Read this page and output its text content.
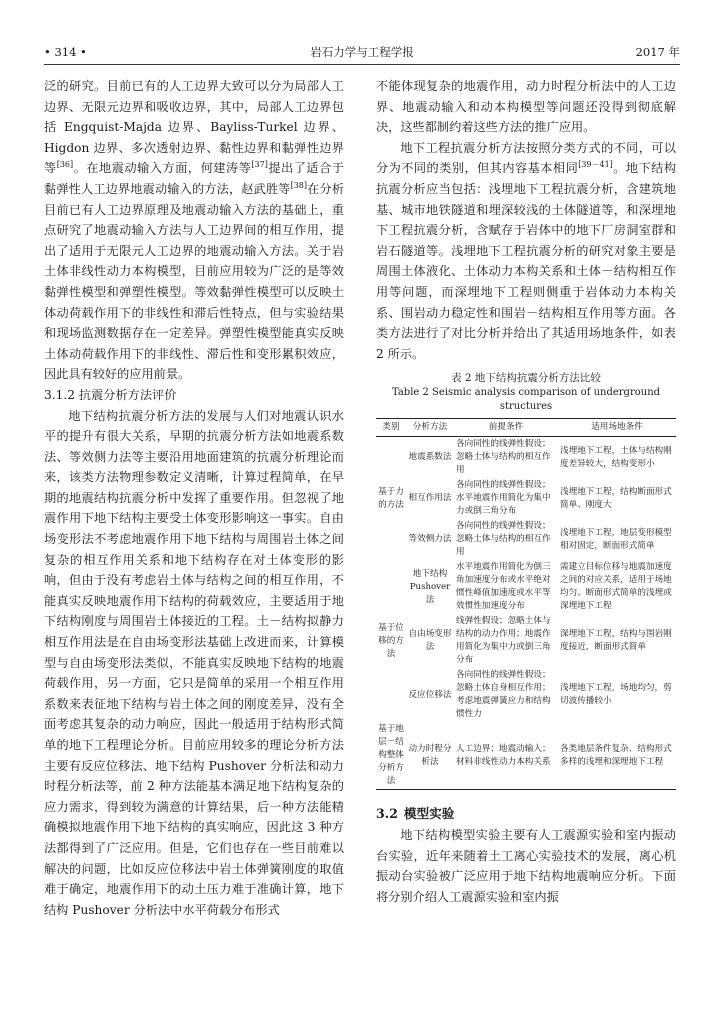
• 314 •	岩石力学与工程学报	2017 年

泛的研究。目前已有的人工边界大致可以分为局部人工边界、无限元边界和吸收边界，其中，局部人工边界包括 Engquist-Majda 边界、Bayliss-Turkel 边界、Higdon 边界、多次透射边界、黏性边界和黏弹性边界等[36]。在地震动输入方面，何建涛等[37]提出了适合于黏弹性人工边界地震动输入的方法，赵武胜等[38]在分析目前已有人工边界原理及地震动输入方法的基础上，重点研究了地震动输入方法与人工边界间的相互作用，提出了适用于无限元人工边界的地震动输入方法。关于岩土体非线性动力本构模型，目前应用较为广泛的是等效黏弹性模型和弹塑性模型。等效黏弹性模型可以反映土体动荷载作用下的非线性和滞后性特点，但与实验结果和现场监测数据存在一定差异。弹塑性模型能真实反映土体动荷载作用下的非线性、滞后性和变形累积效应，因此具有较好的应用前景。

3.1.2 抗震分析方法评价

地下结构抗震分析方法的发展与人们对地震认识水平的提升有很大关系，早期的抗震分析方法如地震系数法、等效侧力法等主要沿用地面建筑的抗震分析理论而来，该类方法物理参数定义清晰，计算过程简单，在早期的地震结构抗震分析中发挥了重要作用。但忽视了地震作用下地下结构主要受土体变形影响这一事实。自由场变形法不考虑地震作用下地下结构与周围岩土体之间复杂的相互作用关系和地下结构存在对土体变形的影响，但由于没有考虑岩土体与结构之间的相互作用，不能真实反映地震作用下结构的荷载效应，主要适用于地下结构刚度与周围岩土体接近的工程。土－结构拟静力相互作用法是在自由场变形法基础上改进而来，计算模型与自由场变形法类似，不能真实反映地下结构的地震荷载作用，另一方面，它只是简单的采用一个相互作用系数来表征地下结构与岩土体之间的刚度差异，没有全面考虑其复杂的动力响应，因此一般适用于结构形式简单的地下工程理论分析。目前应用较多的理论分析方法主要有反应位移法、地下结构 Pushover 分析法和动力时程分析法等，前 2 种方法能基本满足地下结构复杂的应力需求，得到较为满意的计算结果，后一种方法能精确模拟地震作用下地下结构的真实响应，因此这 3 种方法都得到了广泛应用。但是，它们也存在一些目前难以解决的问题，比如反应位移法中岩土体弹簧刚度的取值难于确定，地震作用下的动土压力难于准确计算，地下结构 Pushover 分析法中水平荷载分布形式

不能体现复杂的地震作用，动力时程分析法中的人工边界、地震动输入和动本构模型等问题还没得到彻底解决，这些都制约着这些方法的推广应用。

地下工程抗震分析方法按照分类方式的不同，可以分为不同的类别，但其内容基本相同[39－41]。地下结构抗震分析应当包括：浅埋地下工程抗震分析，含建筑地基、城市地铁隧道和埋深较浅的土体隧道等，和深埋地下工程抗震分析，含赋存于岩体中的地下厂房洞室群和岩石隧道等。浅埋地下工程抗震分析的研究对象主要是周围土体液化、土体动力本构关系和土体－结构相互作用等问题，而深埋地下工程则侧重于岩体动力本构关系、围岩动力稳定性和围岩－结构相互作用等方面。各类方法进行了对比分析并给出了其适用场地条件，如表 2 所示。

表 2 地下结构抗震分析方法比较
Table 2 Seismic analysis comparison of underground structures
类别	分析方法	前提条件	适用场地条件
基于力的方法	地震系数法	各向同性的线弹性假设；忽略土体与结构的相互作用	浅埋地下工程，土体与结构刚度差异较大，结构变形小
	相互作用法	各向同性的线弹性假设；水平地震作用简化为集中力或倒三角分布	浅埋地下工程，结构断面形式简单、刚度大
	等效侧力法	各向同性的线弹性假设；忽略土体与结构的相互作用	浅埋地下工程，地层变形模型相对固定，断面形式简单
基于位移的方法	地下结构 Pushover 法	水平地震作用简化为倒三角加速度分布或水平绝对惯性峰值加速度或水平等效惯性加速度分布	需建立目标位移与地震加速度之间的对应关系，适用于场地均匀、断面形式简单的浅埋或深埋地下工程
	自由场变形法	线弹性假设；忽略土体与结构的动力作用；地震作用简化为集中力或倒三角分布	深埋地下工程，结构与围岩刚度接近，断面形式简单
	反应位移法	各向同性的线弹性假设；忽略土体自身相互作用；考虑地震弹簧应力和结构惯性力	浅埋地下工程，场地均匀，剪切波传播较小
基于地层－结构整体分析方法	动力时程分析法	人工边界；地震动输入；材料非线性动力本构关系	各类地层条件复杂、结构形式多样的浅埋和深埋地下工程
3.2 模型实验

地下结构模型实验主要有人工震源实验和室内振动台实验，近年来随着土工离心实验技术的发展，离心机振动台实验被广泛应用于地下结构地震响应分析。下面将分别介绍人工震源实验和室内振
